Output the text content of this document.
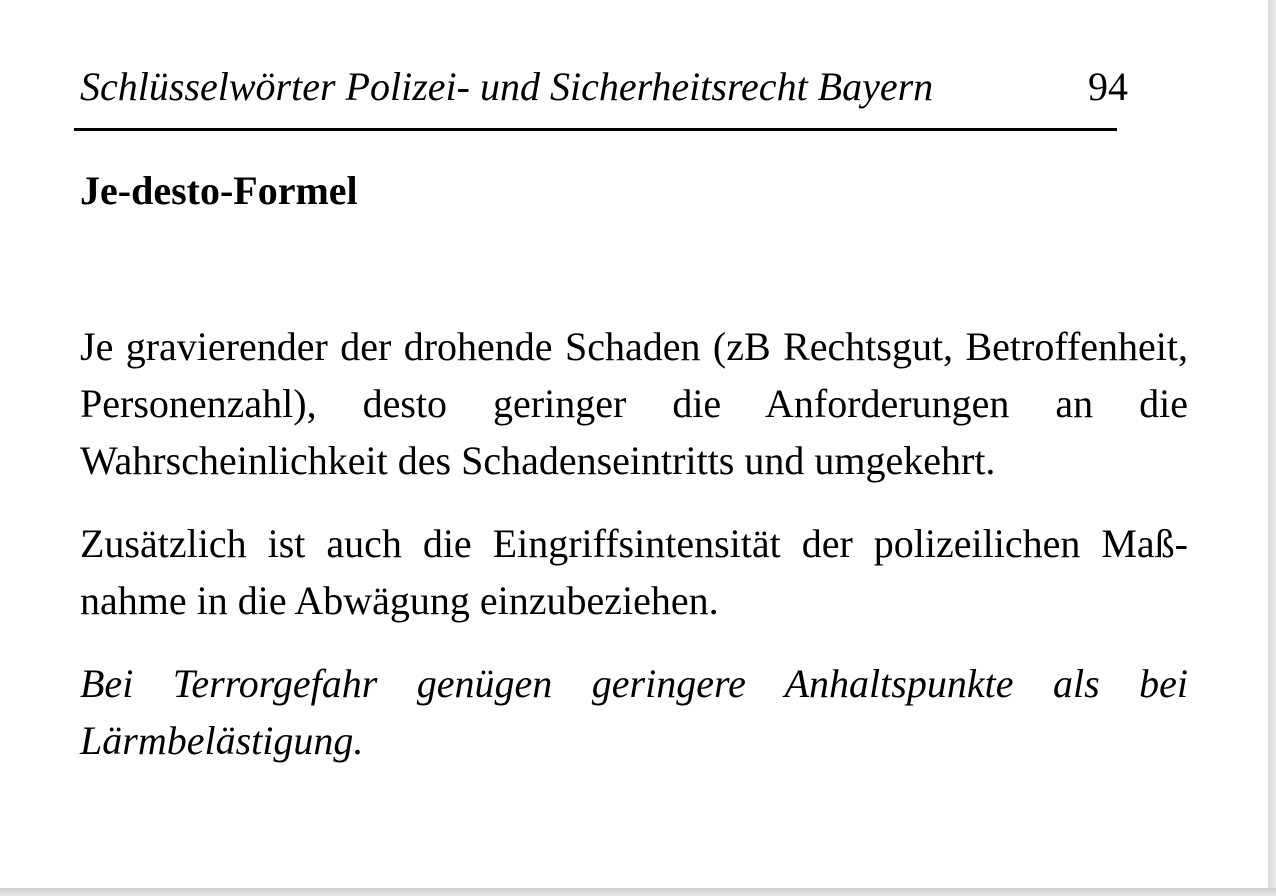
Schlüsselwörter Polizei- und Sicherheitsrecht Bayern	94
Je-desto-Formel

Je gravierender der drohende Schaden (zB Rechtsgut, Betroffenheit, Personenzahl), desto geringer die Anforderungen an die Wahrscheinlichkeit des Schadenseintritts und umgekehrt.

Zusätzlich ist auch die Eingriffsintensität der polizeilichen Maßnahme in die Abwägung einzubeziehen.

Bei Terrorgefahr genügen geringere Anhaltspunkte als bei Lärmbelästigung.
